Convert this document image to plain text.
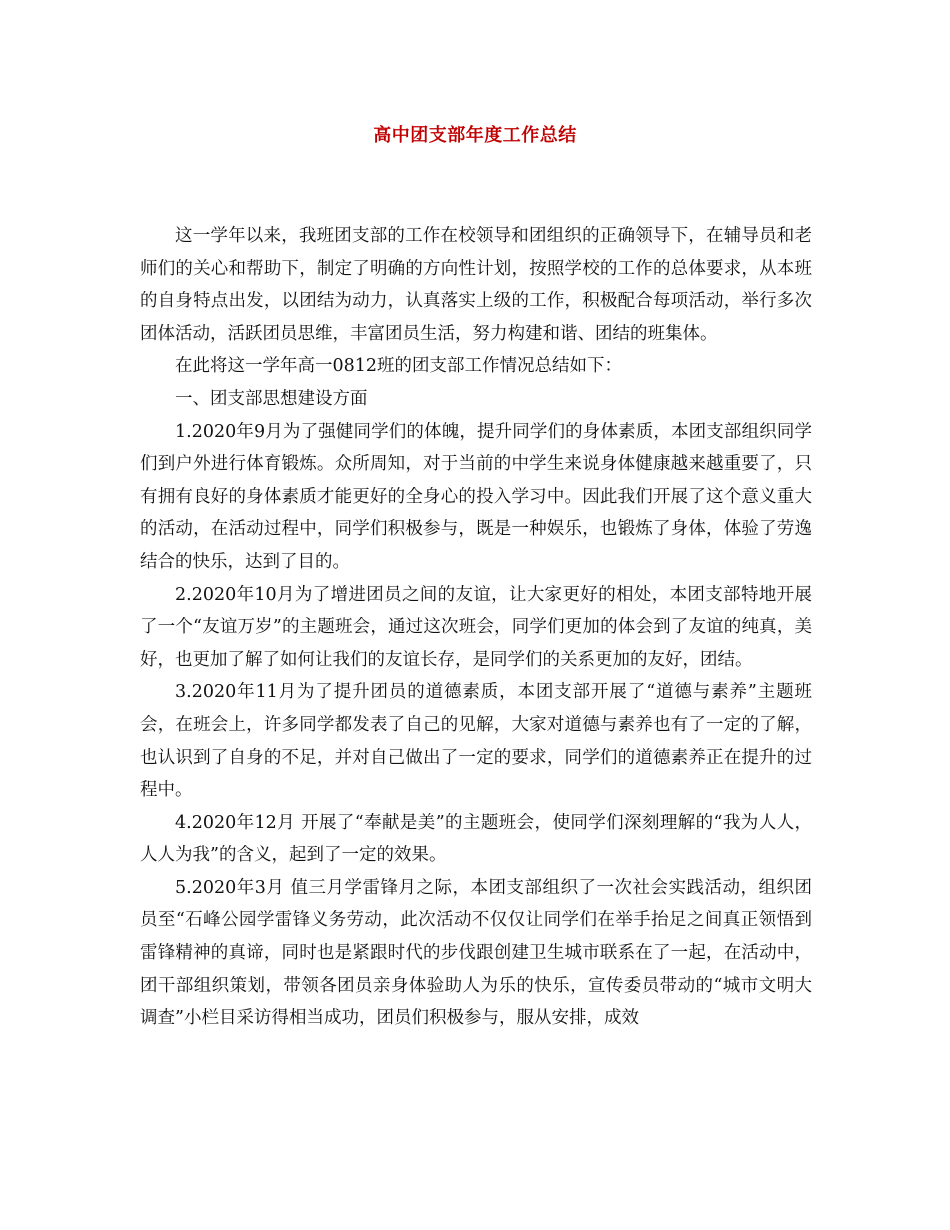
高中团支部年度工作总结

这一学年以来，我班团支部的工作在校领导和团组织的正确领导下，在辅导员和老师们的关心和帮助下，制定了明确的方向性计划，按照学校的工作的总体要求，从本班的自身特点出发，以团结为动力，认真落实上级的工作，积极配合每项活动，举行多次团体活动，活跃团员思维，丰富团员生活，努力构建和谐、团结的班集体。

在此将这一学年高一0812班的团支部工作情况总结如下：

一、团支部思想建设方面

1.2020年9月为了强健同学们的体魄，提升同学们的身体素质，本团支部组织同学们到户外进行体育锻炼。众所周知，对于当前的中学生来说身体健康越来越重要了，只有拥有良好的身体素质才能更好的全身心的投入学习中。因此我们开展了这个意义重大的活动，在活动过程中，同学们积极参与，既是一种娱乐，也锻炼了身体，体验了劳逸结合的快乐，达到了目的。

2.2020年10月为了增进团员之间的友谊，让大家更好的相处，本团支部特地开展了一个“友谊万岁”的主题班会，通过这次班会，同学们更加的体会到了友谊的纯真，美好，也更加了解了如何让我们的友谊长存，是同学们的关系更加的友好，团结。

3.2020年11月为了提升团员的道德素质，本团支部开展了“道德与素养”主题班会，在班会上，许多同学都发表了自己的见解，大家对道德与素养也有了一定的了解，也认识到了自身的不足，并对自己做出了一定的要求，同学们的道德素养正在提升的过程中。

4.2020年12月 开展了“奉献是美”的主题班会，使同学们深刻理解的“我为人人，人人为我”的含义，起到了一定的效果。

5.2020年3月 值三月学雷锋月之际，本团支部组织了一次社会实践活动，组织团员至“石峰公园学雷锋义务劳动，此次活动不仅仅让同学们在举手抬足之间真正领悟到雷锋精神的真谛，同时也是紧跟时代的步伐跟创建卫生城市联系在了一起，在活动中，团干部组织策划，带领各团员亲身体验助人为乐的快乐，宣传委员带动的“城市文明大调查”小栏目采访得相当成功，团员们积极参与，服从安排，成效
